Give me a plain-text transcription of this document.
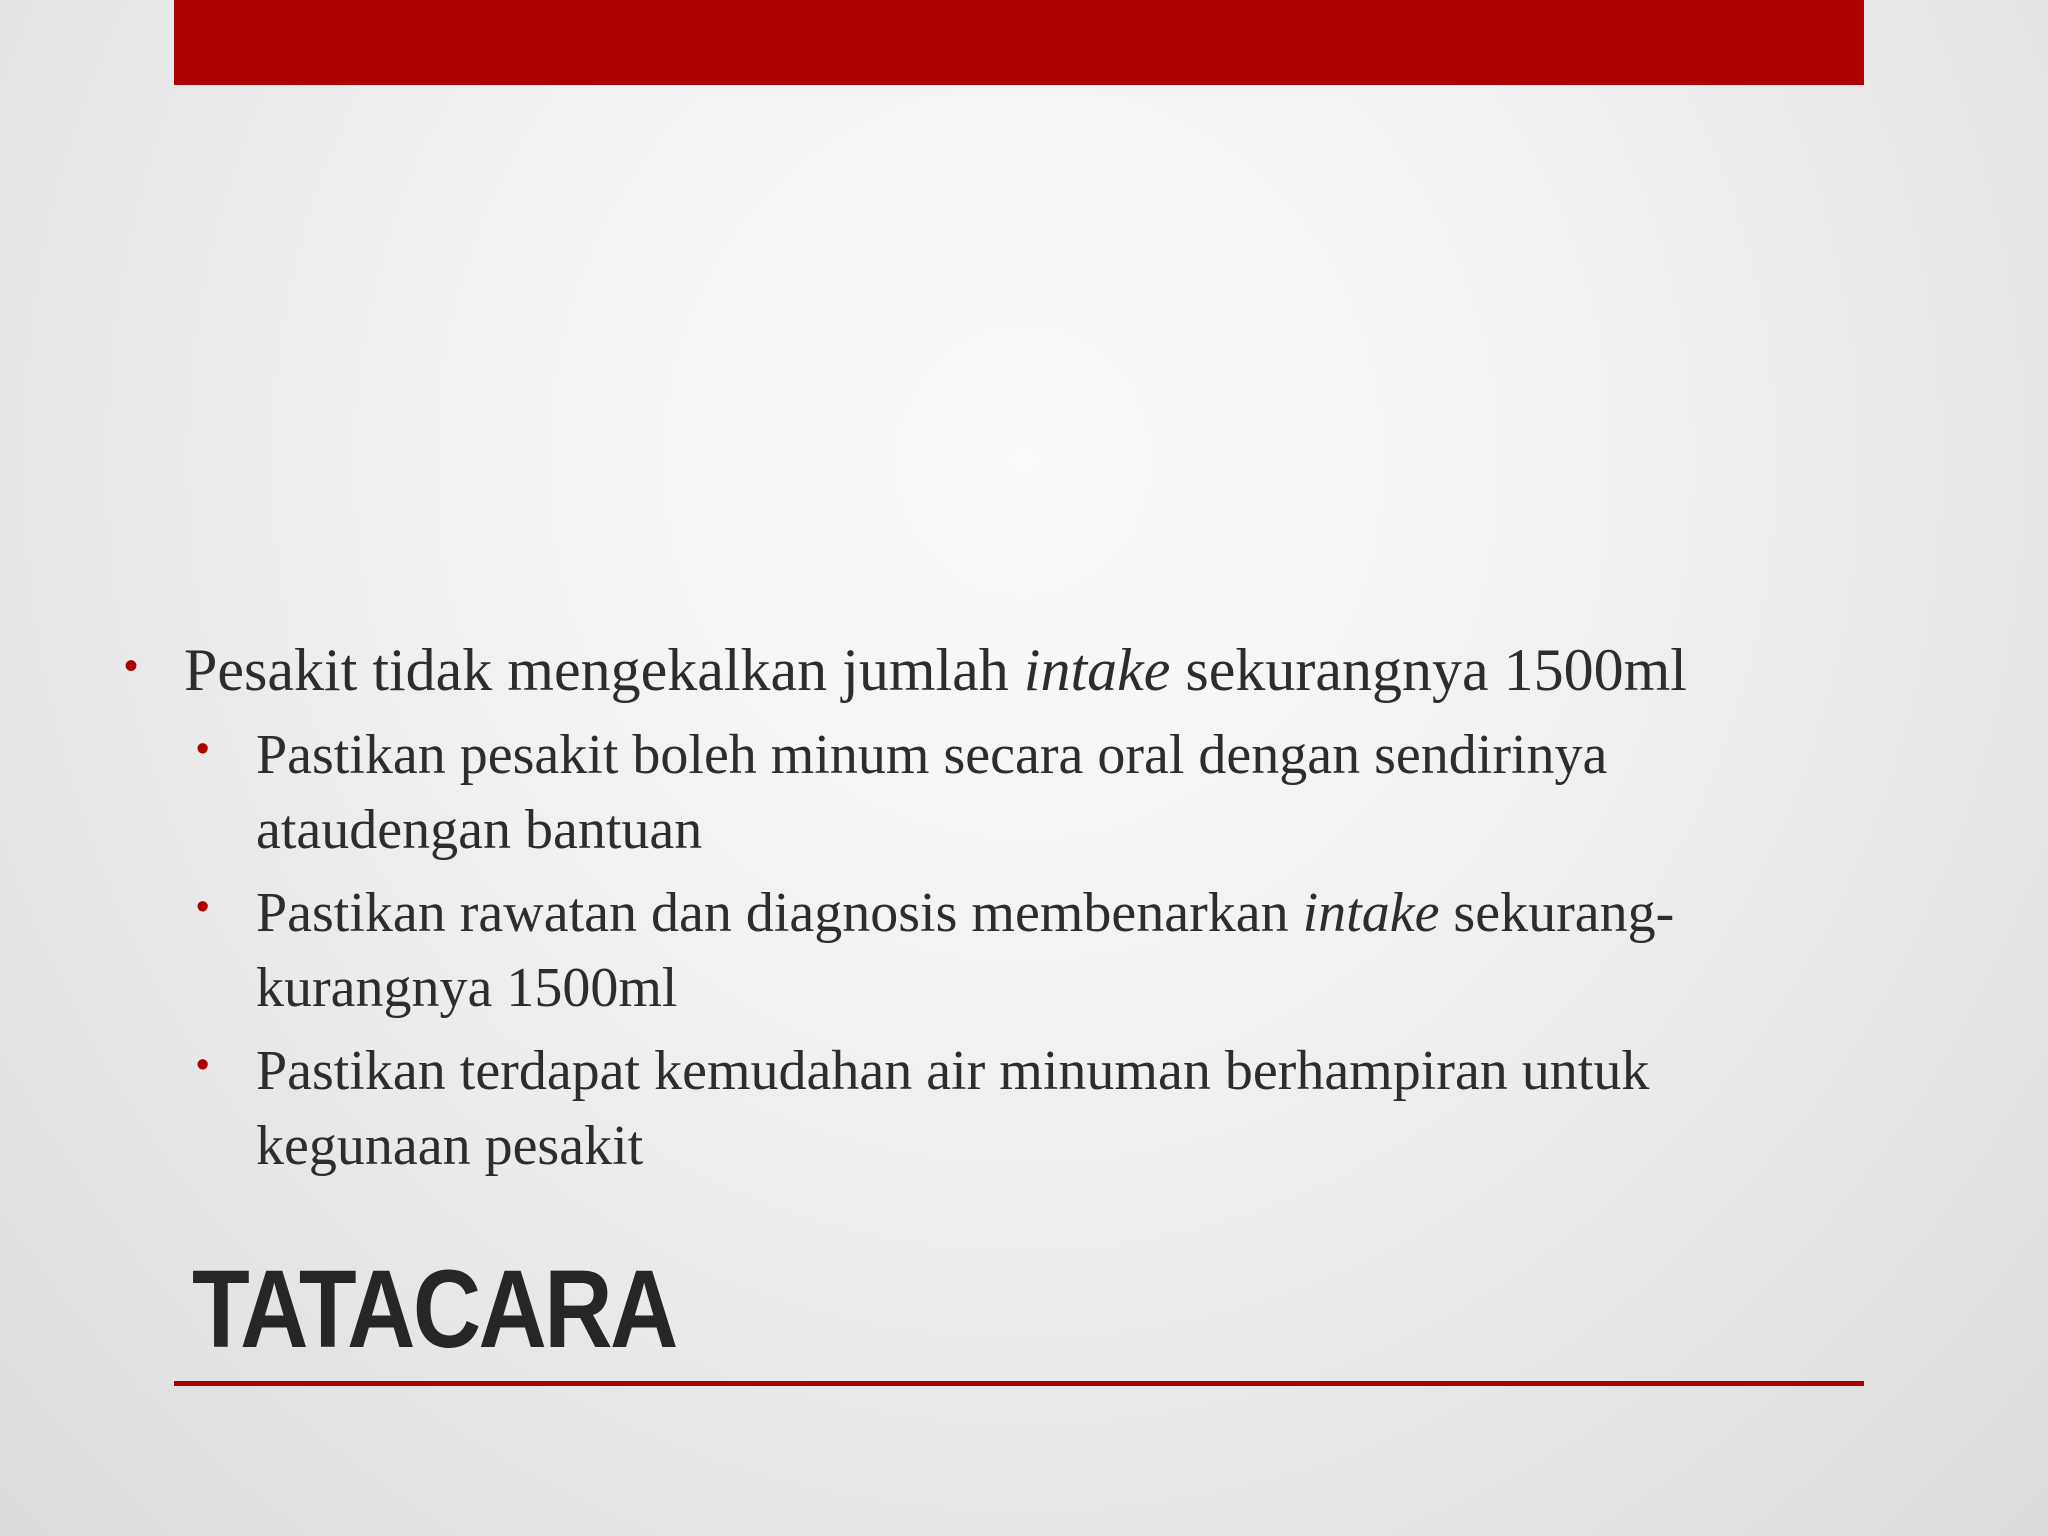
• Pesakit tidak mengekalkan jumlah intake sekurangnya 1500ml
• Pastikan pesakit boleh minum secara oral dengan sendirinya ataudengan bantuan
• Pastikan rawatan dan diagnosis membenarkan intake sekurang-kurangnya 1500ml
• Pastikan terdapat kemudahan air minuman berhampiran untuk kegunaan pesakit
TATACARA
